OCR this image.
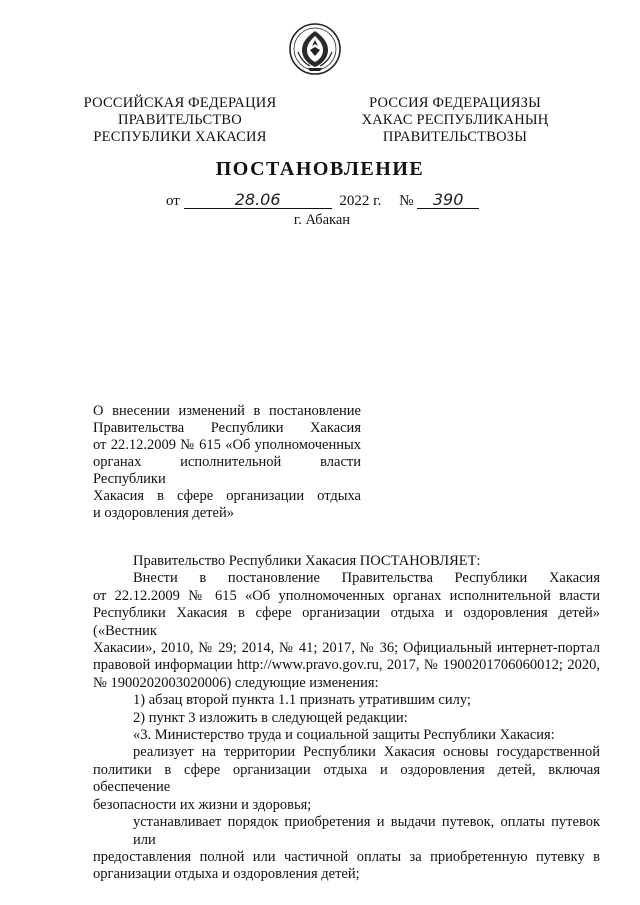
РОССИЙСКАЯ ФЕДЕРАЦИЯ
ПРАВИТЕЛЬСТВО
РЕСПУБЛИКИ ХАКАСИЯ
РОССИЯ ФЕДЕРАЦИЯЗЫ
ХАКАС РЕСПУБЛИКАНЫҢ
ПРАВИТЕЛЬСТВОЗЫ
ПОСТАНОВЛЕНИЕ
от	28.06	2022 г. № 390
г. Абакан
О внесении изменений в постановление
Правительства Республики Хакасия
от 22.12.2009 № 615 «Об уполномоченных
органах исполнительной власти Республики
Хакасия в сфере организации отдыха
и оздоровления детей»
Правительство Республики Хакасия ПОСТАНОВЛЯЕТ:
Внести в постановление Правительства Республики Хакасия
от 22.12.2009 № 615 «Об уполномоченных органах исполнительной власти
Республики Хакасия в сфере организации отдыха и оздоровления детей» («Вестник
Хакасии», 2010, № 29; 2014, № 41; 2017, № 36; Официальный интернет-портал
правовой информации http://www.pravo.gov.ru, 2017, № 1900201706060012; 2020,
№ 1900202003020006) следующие изменения:
1) абзац второй пункта 1.1 признать утратившим силу;
2) пункт 3 изложить в следующей редакции:
«3. Министерство труда и социальной защиты Республики Хакасия:
реализует на территории Республики Хакасия основы государственной
политики в сфере организации отдыха и оздоровления детей, включая обеспечение
безопасности их жизни и здоровья;
устанавливает порядок приобретения и выдачи путевок, оплаты путевок или
предоставления полной или частичной оплаты за приобретенную путевку в
организации отдыха и оздоровления детей;
